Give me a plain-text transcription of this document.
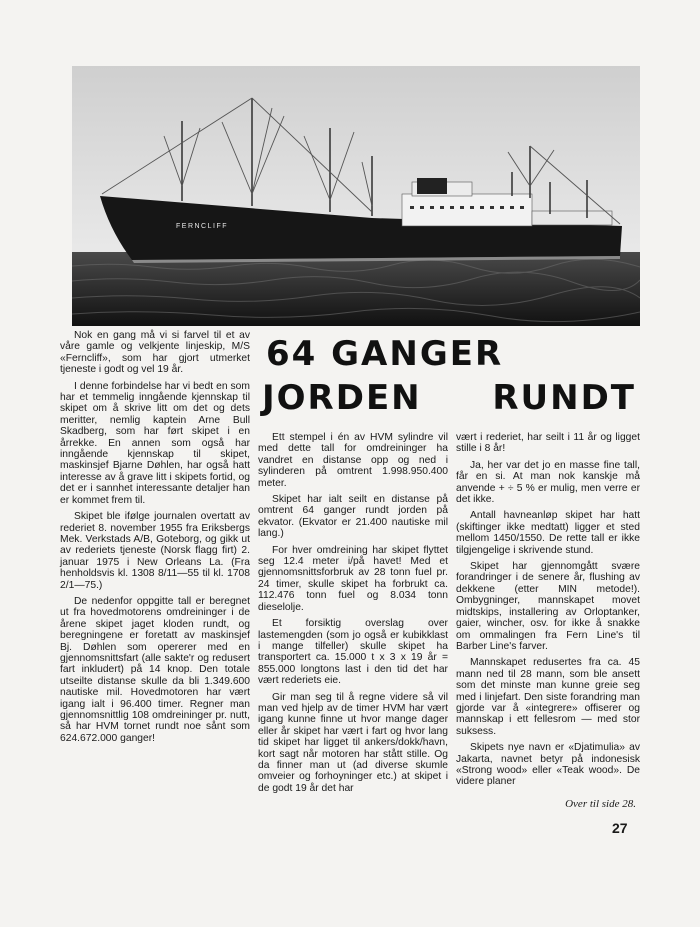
FERNCLIFF

Nok en gang må vi si farvel til et av våre gamle og velkjente linjeskip, M/S «Ferncliff», som har gjort utmerket tjeneste i godt og vel 19 år.

I denne forbindelse har vi bedt en som har et temmelig inngående kjennskap til skipet om å skrive litt om det og dets meritter, nemlig kaptein Arne Bull Skadberg, som har ført skipet i en årrekke. En annen som også har inngående kjennskap til skipet, maskinsjef Bjarne Døhlen, har også hatt interesse av å grave litt i skipets fortid, og det er i sannhet interessante detaljer han er kommet frem til.

Skipet ble ifølge journalen overtatt av rederiet 8. november 1955 fra Eriksbergs Mek. Verkstads A/B, Goteborg, og gikk ut av rederiets tjeneste (Norsk flagg firt) 2. januar 1975 i New Orleans La. (Fra henholdsvis kl. 1308 8/11—55 til kl. 1708 2/1—75.)

De nedenfor oppgitte tall er beregnet ut fra hovedmotorens omdreininger i de årene skipet jaget kloden rundt, og beregningene er foretatt av maskinsjef Bj. Døhlen som opererer med en gjennomsnittsfart (alle sakte'r og redusert fart inkludert) på 14 knop. Den totale utseilte distanse skulle da bli 1.349.600 nautiske mil. Hovedmotoren har vært igang ialt i 96.400 timer. Regner man gjennomsnittlig 108 omdreininger pr. nutt, så har HVM tornet rundt noe sånt som 624.672.000 ganger!

64 GANGER
JORDEN RUNDT

Ett stempel i én av HVM sylindre vil med dette tall for omdreininger ha vandret en distanse opp og ned i sylinderen på omtrent 1.998.950.400 meter.

Skipet har ialt seilt en distanse på omtrent 64 ganger rundt jorden på ekvator. (Ekvator er 21.400 nautiske mil lang.)

For hver omdreining har skipet flyttet seg 12.4 meter i/på havet! Med et gjennomsnittsforbruk av 28 tonn fuel pr. 24 timer, skulle skipet ha forbrukt ca. 112.476 tonn fuel og 8.034 tonn dieselolje.

Et forsiktig overslag over lastemengden (som jo også er kubikklast i mange tilfeller) skulle skipet ha transportert ca. 15.000 t x 3 x 19 år = 855.000 longtons last i den tid det har vært rederiets eie.

Gir man seg til å regne videre så vil man ved hjelp av de timer HVM har vært igang kunne finne ut hvor mange dager eller år skipet har vært i fart og hvor lang tid skipet har ligget til ankers/dokk/havn, kort sagt når motoren har stått stille. Og da finner man ut (ad diverse skumle omveier og forhoyninger etc.) at skipet i de godt 19 år det har

vært i rederiet, har seilt i 11 år og ligget stille i 8 år!

Ja, her var det jo en masse fine tall, får en si. At man nok kanskje må anvende + ÷ 5 % er mulig, men verre er det ikke.

Antall havneanløp skipet har hatt (skiftinger ikke medtatt) ligger et sted mellom 1450/1550. De rette tall er ikke tilgjengelige i skrivende stund.

Skipet har gjennomgått svære forandringer i de senere år, flushing av dekkene (etter MIN metode!). Ombygninger, mannskapet movet midtskips, installering av Orloptanker, gaier, wincher, osv. for ikke å snakke om ommalingen fra Fern Line's til Barber Line's farver.

Mannskapet redusertes fra ca. 45 mann ned til 28 mann, som ble ansett som det minste man kunne greie seg med i linjefart. Den siste forandring man gjorde var å «integrere» offiserer og mannskap i ett fellesrom — med stor suksess.

Skipets nye navn er «Djatimulia» av Jakarta, navnet betyr på indonesisk «Strong wood» eller «Teak wood». De videre planer

Over til side 28.
27
